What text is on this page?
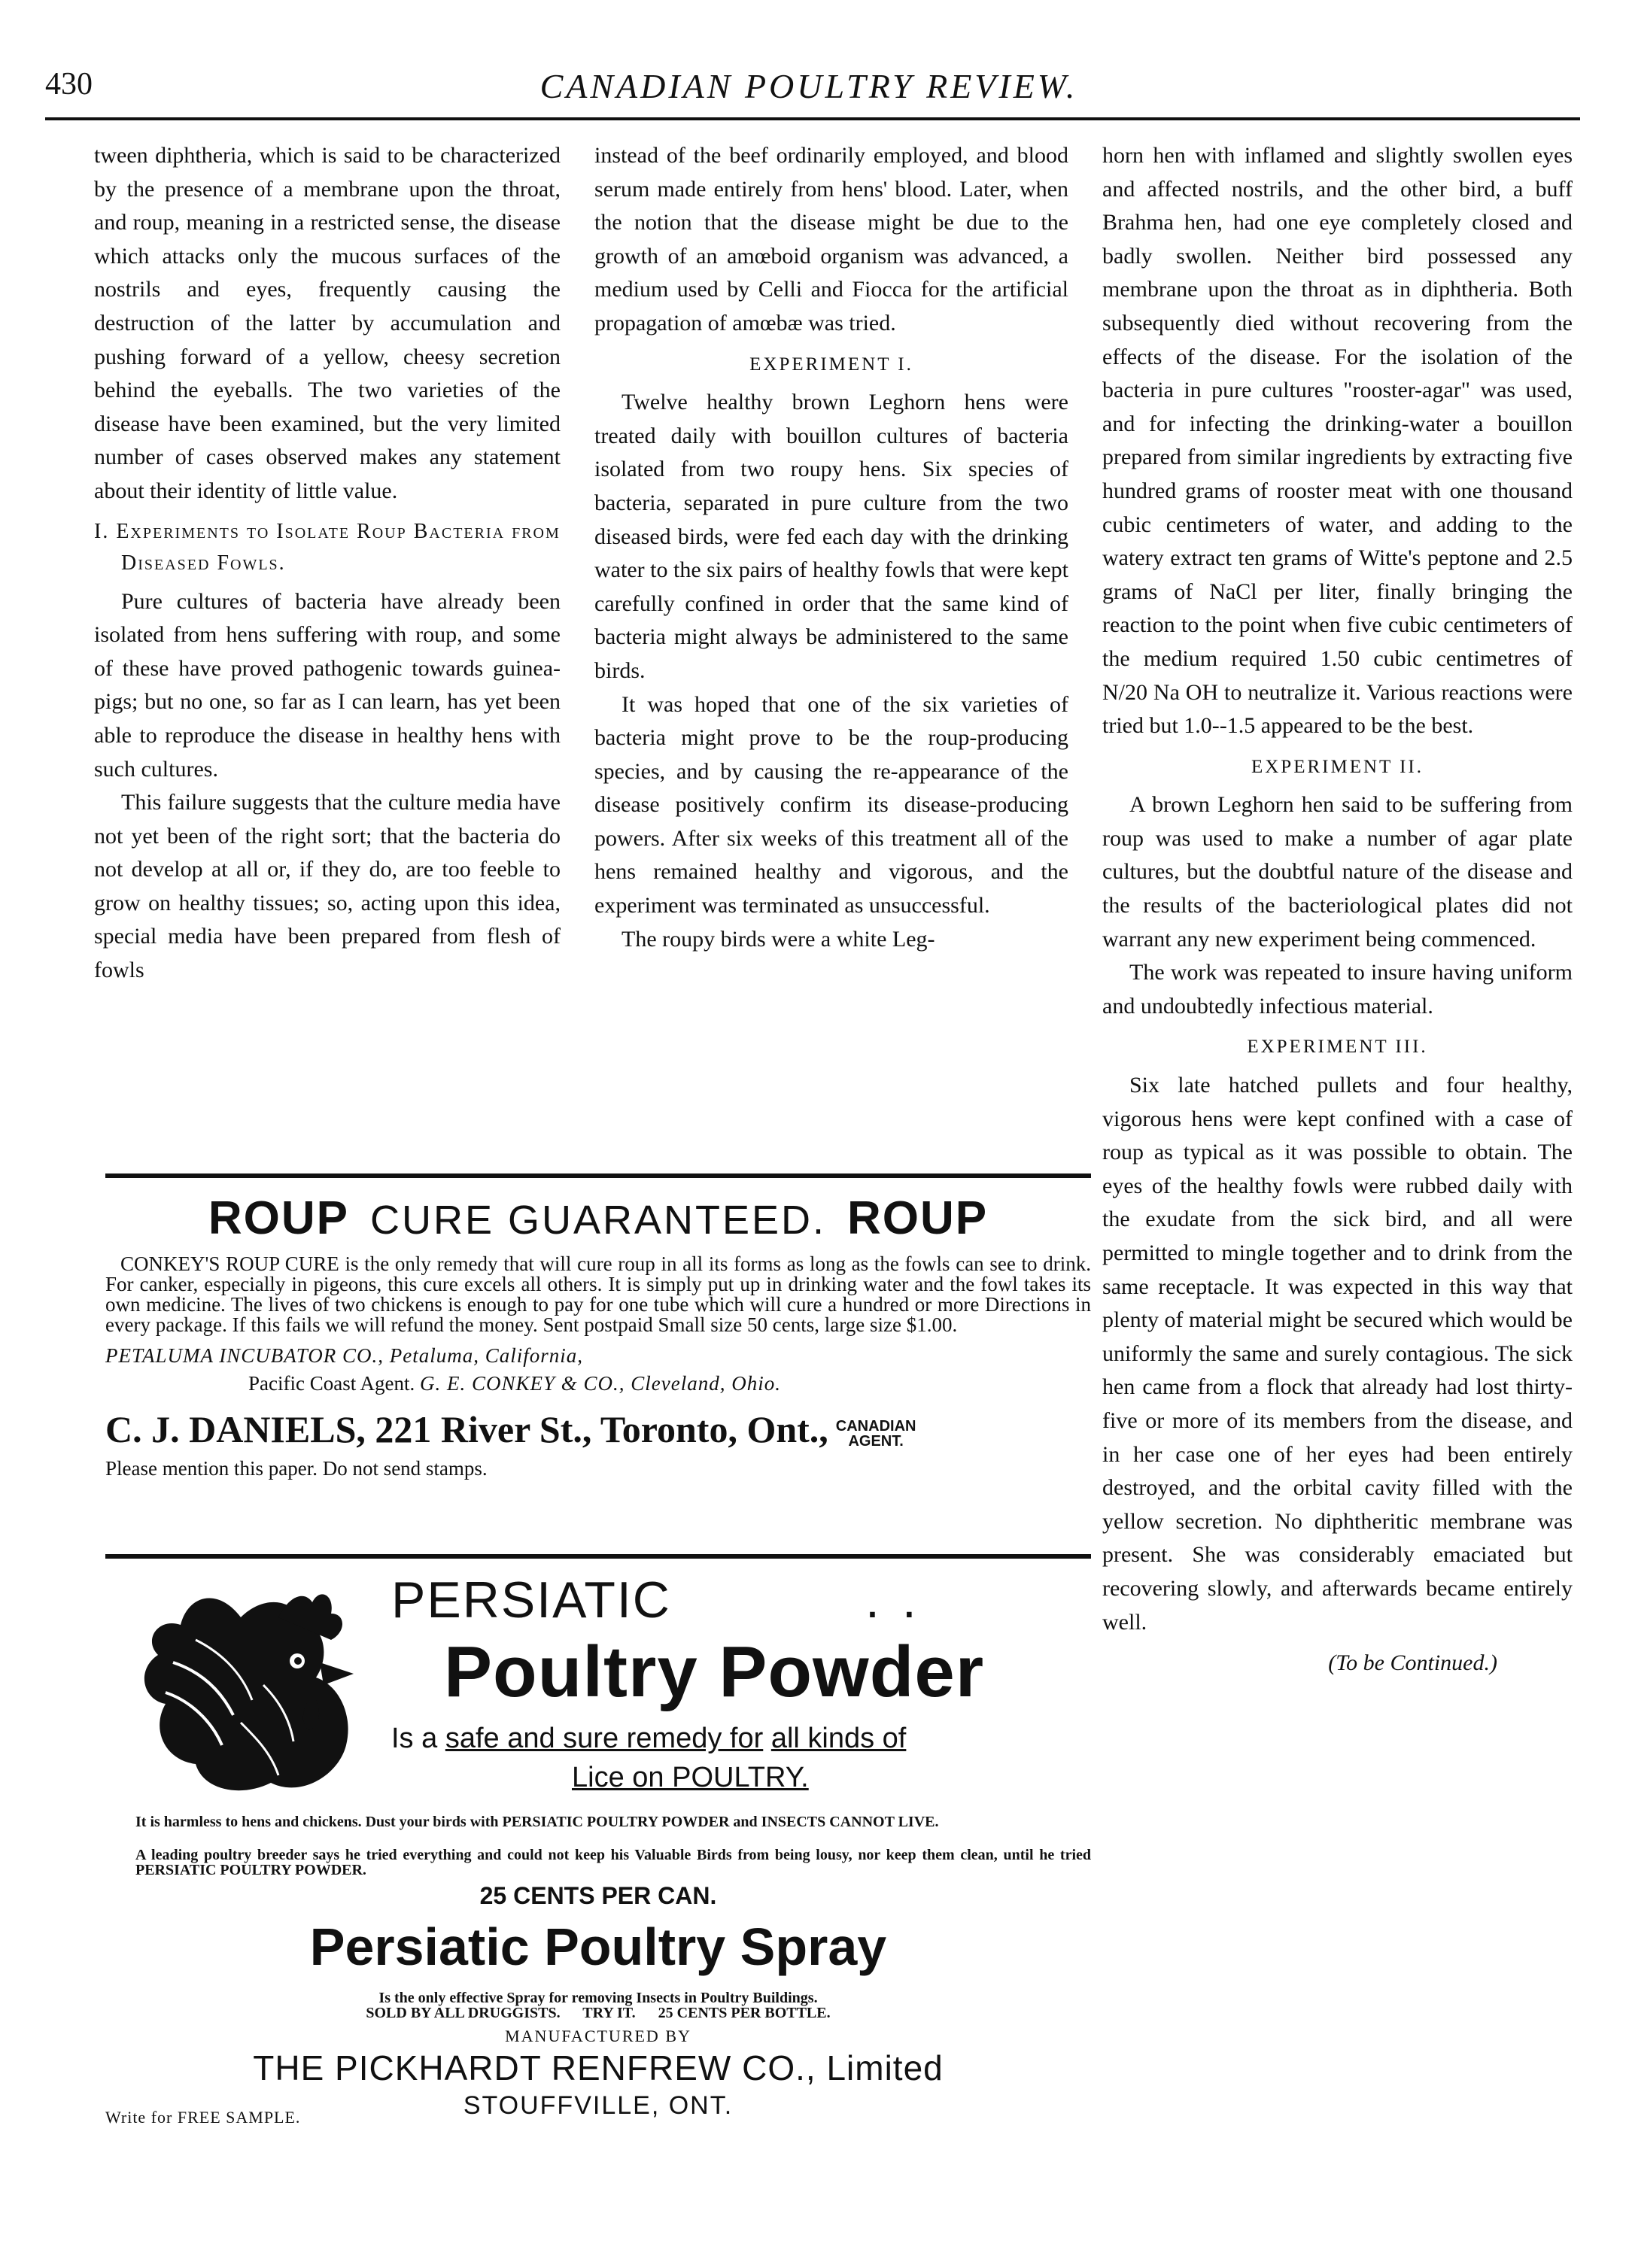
430	CANADIAN POULTRY REVIEW.

tween diphtheria, which is said to be characterized by the presence of a membrane upon the throat, and roup, meaning in a restricted sense, the disease which attacks only the mucous surfaces of the nostrils and eyes, frequently causing the destruction of the latter by accumulation and pushing forward of a yellow, cheesy secretion behind the eyeballs. The two varieties of the disease have been examined, but the very limited number of cases observed makes any statement about their identity of little value.

I. Experiments to Isolate Roup Bacteria from Diseased Fowls.

Pure cultures of bacteria have already been isolated from hens suffering with roup, and some of these have proved pathogenic towards guinea-pigs; but no one, so far as I can learn, has yet been able to reproduce the disease in healthy hens with such cultures.

This failure suggests that the culture media have not yet been of the right sort; that the bacteria do not develop at all or, if they do, are too feeble to grow on healthy tissues; so, acting upon this idea, special media have been prepared from flesh of fowls

instead of the beef ordinarily employed, and blood serum made entirely from hens' blood. Later, when the notion that the disease might be due to the growth of an amœboid organism was advanced, a medium used by Celli and Fiocca for the artificial propagation of amœbæ was tried.

EXPERIMENT I.

Twelve healthy brown Leghorn hens were treated daily with bouillon cultures of bacteria isolated from two roupy hens. Six species of bacteria, separated in pure culture from the two diseased birds, were fed each day with the drinking water to the six pairs of healthy fowls that were kept carefully confined in order that the same kind of bacteria might always be administered to the same birds.

It was hoped that one of the six varieties of bacteria might prove to be the roup-producing species, and by causing the re-appearance of the disease positively confirm its disease-producing powers. After six weeks of this treatment all of the hens remained healthy and vigorous, and the experiment was terminated as unsuccessful.

The roupy birds were a white Leg-

horn hen with inflamed and slightly swollen eyes and affected nostrils, and the other bird, a buff Brahma hen, had one eye completely closed and badly swollen. Neither bird possessed any membrane upon the throat as in diphtheria. Both subsequently died without recovering from the effects of the disease. For the isolation of the bacteria in pure cultures "rooster-agar" was used, and for infecting the drinking-water a bouillon prepared from similar ingredients by extracting five hundred grams of rooster meat with one thousand cubic centimeters of water, and adding to the watery extract ten grams of Witte's peptone and 2.5 grams of NaCl per liter, finally bringing the reaction to the point when five cubic centimeters of the medium required 1.50 cubic centimetres of N/20 Na OH to neutralize it. Various reactions were tried but 1.0--1.5 appeared to be the best.

EXPERIMENT II.

A brown Leghorn hen said to be suffering from roup was used to make a number of agar plate cultures, but the doubtful nature of the disease and the results of the bacteriological plates did not warrant any new experiment being commenced.

The work was repeated to insure having uniform and undoubtedly infectious material.

EXPERIMENT III.

Six late hatched pullets and four healthy, vigorous hens were kept confined with a case of roup as typical as it was possible to obtain. The eyes of the healthy fowls were rubbed daily with the exudate from the sick bird, and all were permitted to mingle together and to drink from the same receptacle. It was expected in this way that plenty of material might be secured which would be uniformly the same and surely contagious. The sick hen came from a flock that already had lost thirty-five or more of its members from the disease, and in her case one of her eyes had been entirely destroyed, and the orbital cavity filled with the yellow secretion. No diphtheritic membrane was present. She was considerably emaciated but recovering slowly, and afterwards became entirely well.

(To be Continued.)
ROUP CURE GUARANTEED. ROUP
CONKEY'S ROUP CURE is the only remedy that will cure roup in all its forms as long as the fowls can see to drink. For canker, especially in pigeons, this cure excels all others. It is simply put up in drinking water and the fowl takes its own medicine. The lives of two chickens is enough to pay for one tube which will cure a hundred or more Directions in every package. If this fails we will refund the money. Sent postpaid Small size 50 cents, large size $1.00.
PETALUMA INCUBATOR CO., Petaluma, California,
Pacific Coast Agent. G. E. CONKEY & CO., Cleveland, Ohio.
C. J. DANIELS, 221 River St., Toronto, Ont., CANADIAN
AGENT.
Please mention this paper. Do not send stamps.
PERSIATIC	..
Poultry Powder
Is a safe and sure remedy for all kinds of
Lice on POULTRY.
It is harmless to hens and chickens. Dust your birds with PERSIATIC POULTRY POWDER and INSECTS CANNOT LIVE.
A leading poultry breeder says he tried everything and could not keep his Valuable Birds from being lousy, nor keep them clean, until he tried PERSIATIC POULTRY POWDER.
25 CENTS PER CAN.
Persiatic Poultry Spray
Is the only effective Spray for removing Insects in Poultry Buildings.
SOLD BY ALL DRUGGISTS.      TRY IT.      25 CENTS PER BOTTLE.
MANUFACTURED BY
THE PICKHARDT RENFREW CO., Limited
STOUFFVILLE, ONT.
Write for FREE SAMPLE.
